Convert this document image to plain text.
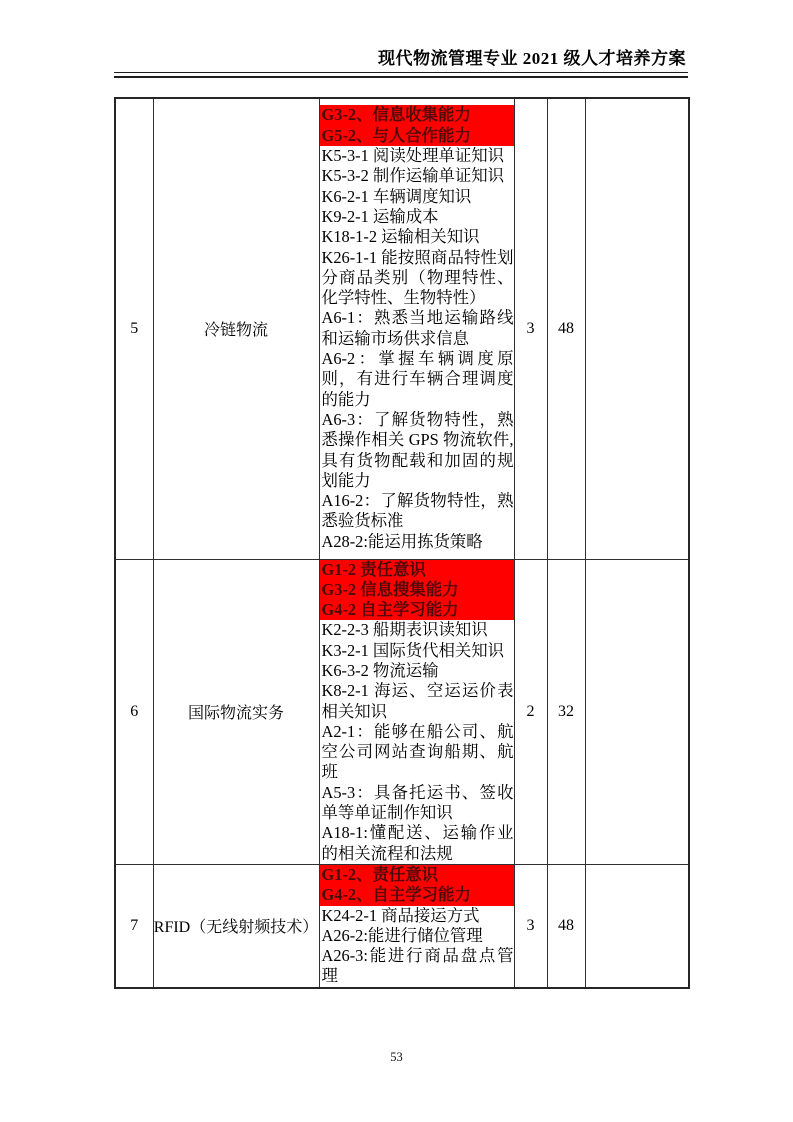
现代物流管理专业 2021 级人才培养方案
5	冷链物流	
G3-2、信息收集能力
G5-2、与人合作能力
K5-3-1 阅读处理单证知识
K5-3-2 制作运输单证知识
K6-2-1 车辆调度知识
K9-2-1 运输成本
K18-1-2 运输相关知识
K26-1-1 能按照商品特性划分商品类别（物理特性、化学特性、生物特性）
A6-1：熟悉当地运输路线和运输市场供求信息
A6-2：掌握车辆调度原则，有进行车辆合理调度的能力
A6-3：了解货物特性，熟悉操作相关 GPS 物流软件,具有货物配载和加固的规划能力
A16-2：了解货物特性，熟悉验货标准
A28-2:能运用拣货策略
	3	48	
6	国际物流实务	
G1-2 责任意识
G3-2 信息搜集能力
G4-2 自主学习能力
K2-2-3 船期表识读知识
K3-2-1 国际货代相关知识
K6-3-2 物流运输
K8-2-1 海运、空运运价表相关知识
A2-1：能够在船公司、航空公司网站查询船期、航班
A5-3：具备托运书、签收单等单证制作知识
A18-1:懂配送、运输作业的相关流程和法规
	2	32	
7	RFID（无线射频技术）	G1-2、责任意识
G4-2、自主学习能力
K24-2-1 商品接运方式
A26-2:能进行储位管理
A26-3:能进行商品盘点管理	3	48	
53
